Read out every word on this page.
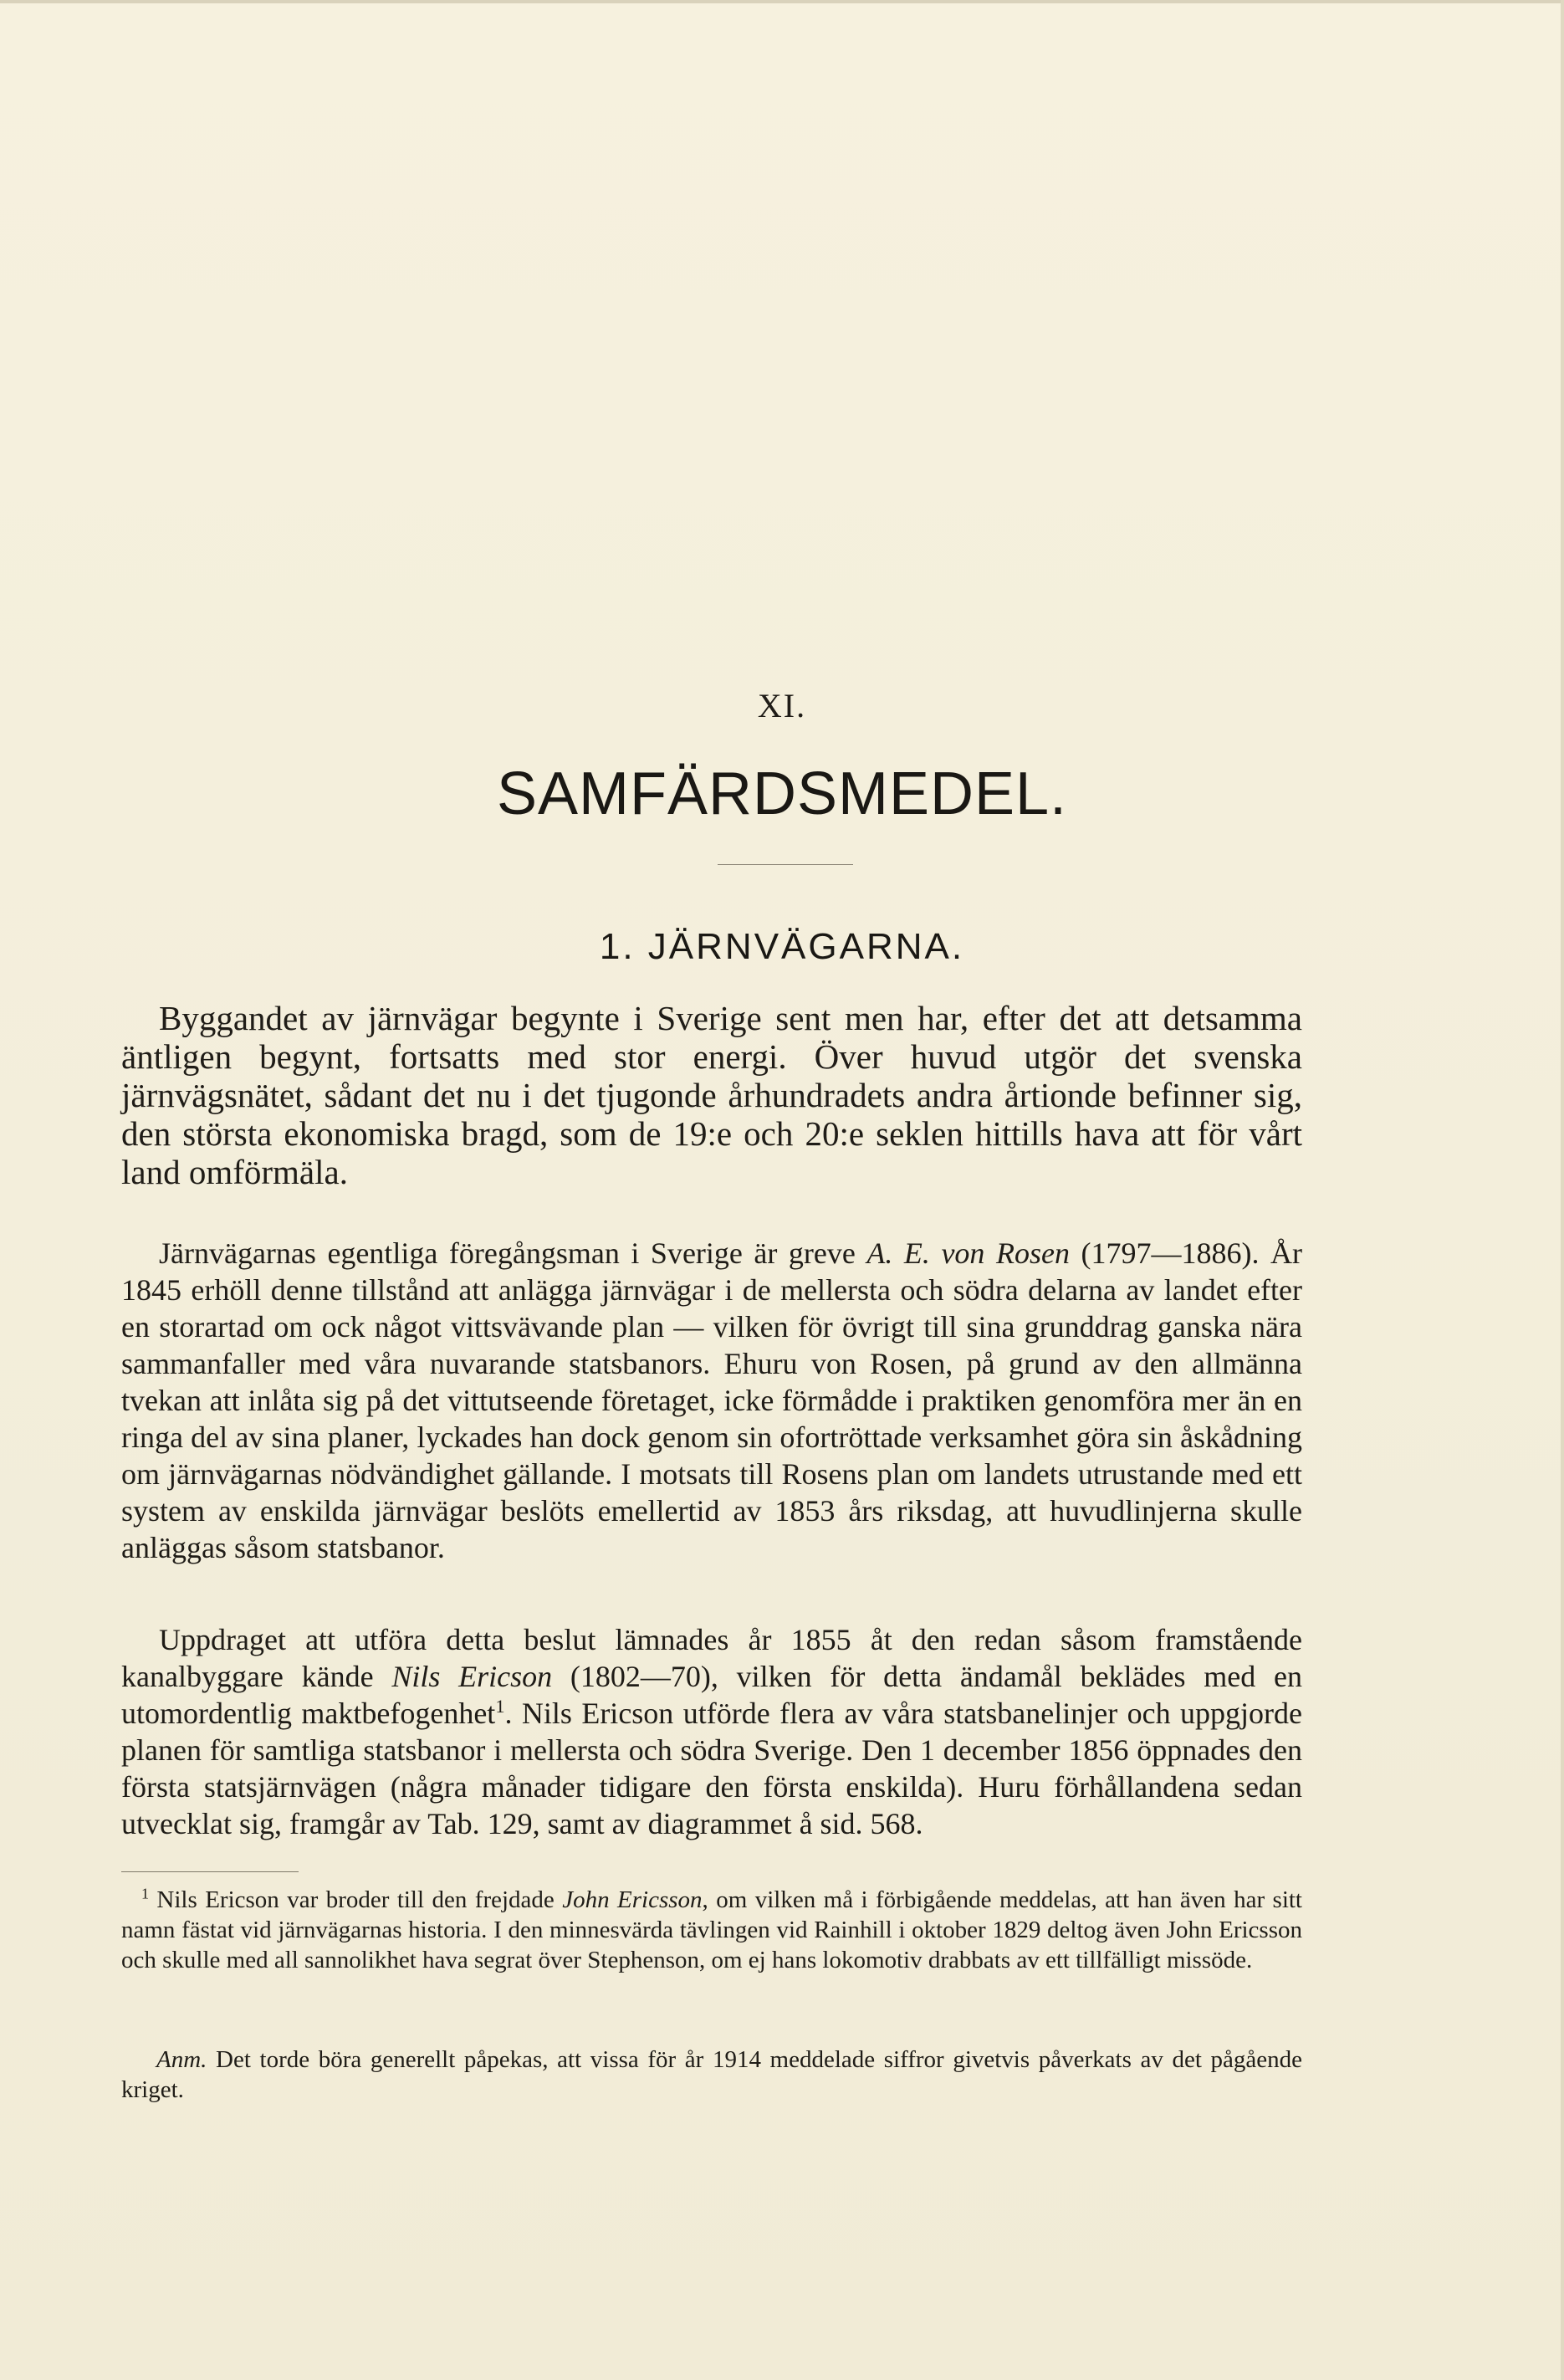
XI.
SAMFÄRDSMEDEL.
1. JÄRNVÄGARNA.
Byggandet av järnvägar begynte i Sverige sent men har, efter det att detsamma äntligen begynt, fortsatts med stor energi. Över huvud utgör det svenska järnvägsnätet, sådant det nu i det tjugonde århundradets andra årtionde befinner sig, den största ekonomiska bragd, som de 19:e och 20:e seklen hittills hava att för vårt land omförmäla.
Järnvägarnas egentliga föregångsman i Sverige är greve A. E. von Rosen (1797—1886). År 1845 erhöll denne tillstånd att anlägga järnvägar i de mellersta och södra delarna av landet efter en storartad om ock något vittsvävande plan — vilken för övrigt till sina grunddrag ganska nära sammanfaller med våra nuvarande statsbanors. Ehuru von Rosen, på grund av den allmänna tvekan att inlåta sig på det vittutseende företaget, icke förmådde i praktiken genomföra mer än en ringa del av sina planer, lyckades han dock genom sin ofortröttade verksamhet göra sin åskådning om järnvägarnas nödvändighet gällande. I motsats till Rosens plan om landets utrustande med ett system av enskilda järnvägar beslöts emellertid av 1853 års riksdag, att huvudlinjerna skulle anläggas såsom statsbanor.
Uppdraget att utföra detta beslut lämnades år 1855 åt den redan såsom framstående kanalbyggare kände Nils Ericson (1802—70), vilken för detta ändamål beklädes med en utomordentlig maktbefogenhet$^1$. Nils Ericson utförde flera av våra statsbanelinjer och uppgjorde planen för samtliga statsbanor i mellersta och södra Sverige. Den 1 december 1856 öppnades den första statsjärnvägen (några månader tidigare den första enskilda). Huru förhållandena sedan utvecklat sig, framgår av Tab. 129, samt av diagrammet å sid. 568.
$^1$ Nils Ericson var broder till den frejdade John Ericsson, om vilken må i förbigående meddelas, att han även har sitt namn fästat vid järnvägarnas historia. I den minnesvärda tävlingen vid Rainhill i oktober 1829 deltog även John Ericsson och skulle med all sannolikhet hava segrat över Stephenson, om ej hans lokomotiv drabbats av ett tillfälligt missöde.
Anm. Det torde böra generellt påpekas, att vissa för år 1914 meddelade siffror givetvis påverkats av det pågående kriget.
